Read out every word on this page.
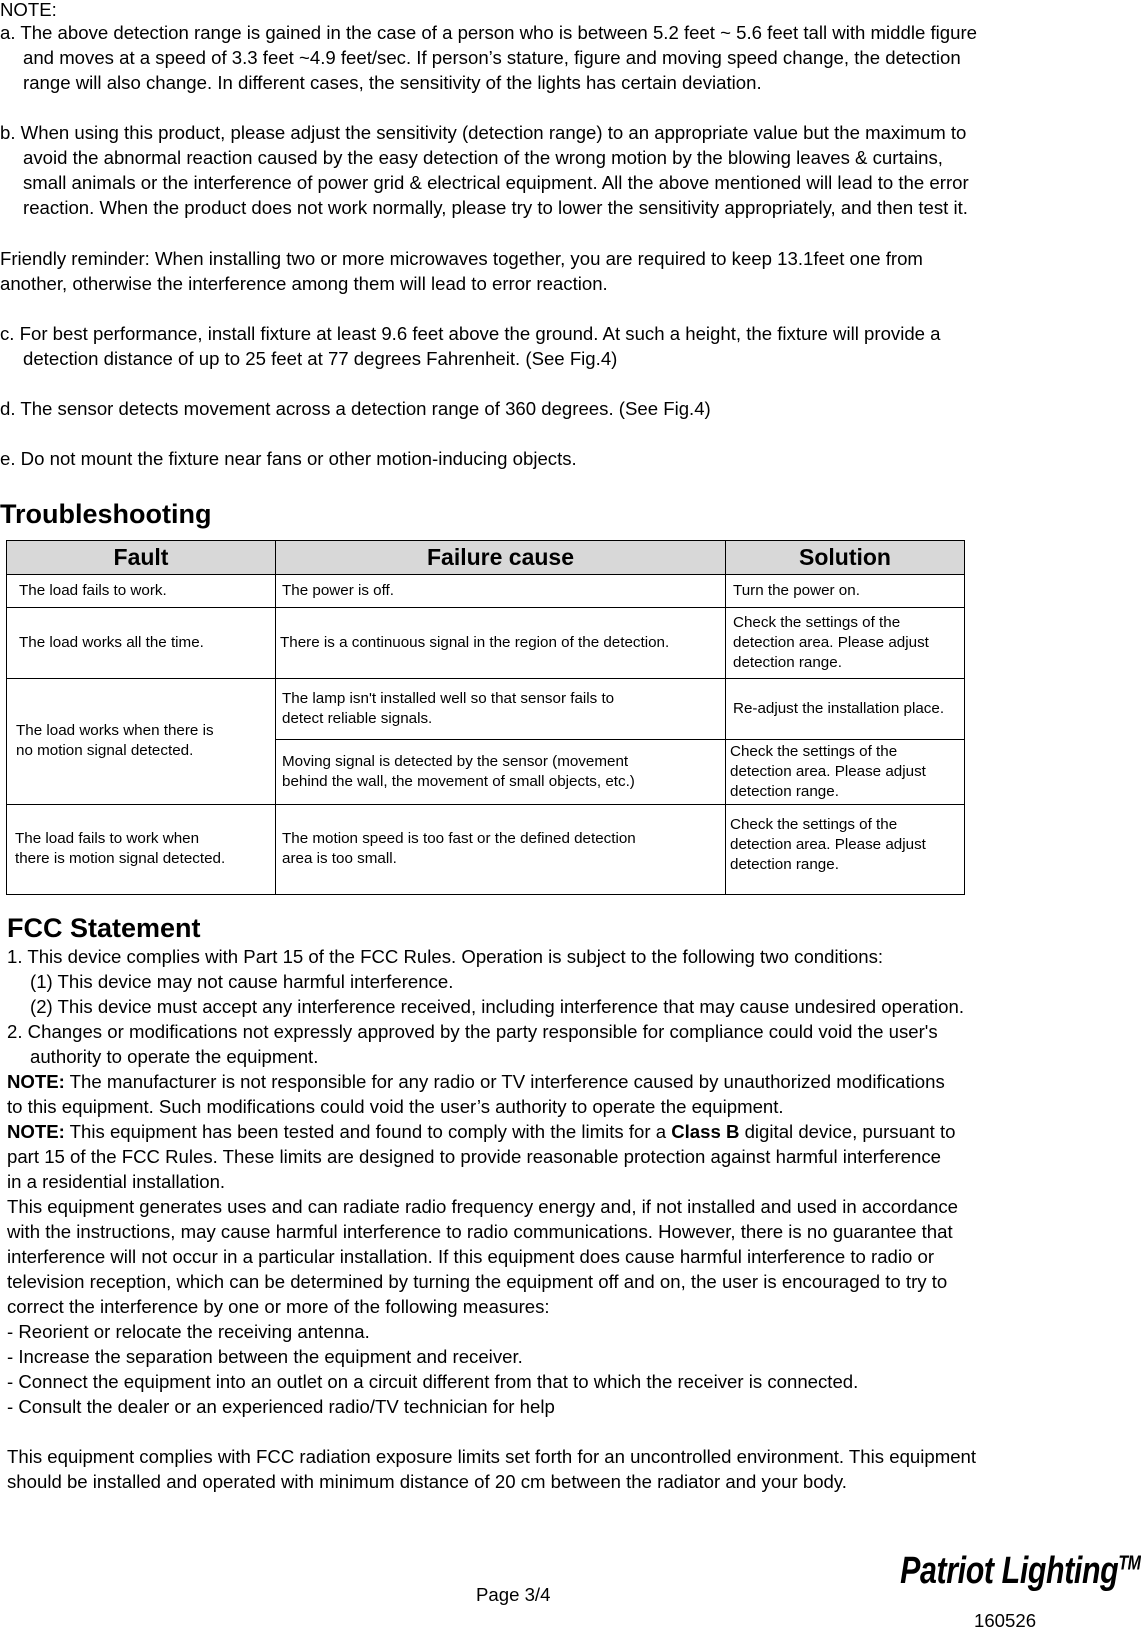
NOTE:
a. The above detection range is gained in the case of a person who is between 5.2 feet ~ 5.6 feet tall with middle figure
and moves at a speed of 3.3 feet ~4.9 feet/sec. If person’s stature, figure and moving speed change, the detection
range will also change. In different cases, the sensitivity of the lights has certain deviation.
b. When using this product, please adjust the sensitivity (detection range) to an appropriate value but the maximum to
avoid the abnormal reaction caused by the easy detection of the wrong motion by the blowing leaves & curtains,
small animals or the interference of power grid & electrical equipment. All the above mentioned will lead to the error
reaction. When the product does not work normally, please try to lower the sensitivity appropriately, and then test it.
Friendly reminder: When installing two or more microwaves together, you are required to keep 13.1feet one from
another, otherwise the interference among them will lead to error reaction.
c. For best performance, install fixture at least 9.6 feet above the ground. At such a height, the fixture will provide a
detection distance of up to 25 feet at 77 degrees Fahrenheit. (See Fig.4)
d. The sensor detects movement across a detection range of 360 degrees. (See Fig.4)
e. Do not mount the fixture near fans or other motion-inducing objects.
Troubleshooting
Fault	Failure cause	Solution
The load fails to work.	The power is off.	Turn the power on.
The load works all the time.	There is a continuous signal in the region of the detection.	Check the settings of the
detection area. Please adjust
detection range.
The load works when there is
no motion signal detected.	The lamp isn't installed well so that sensor fails to
detect reliable signals.	Re-adjust the installation place.
	Moving signal is detected by the sensor (movement
behind the wall, the movement of small objects, etc.)	Check the settings of the
detection area. Please adjust
detection range.
The load fails to work when
there is motion signal detected.	The motion speed is too fast or the defined detection
area is too small.	Check the settings of the
detection area. Please adjust
detection range.
FCC Statement
1. This device complies with Part 15 of the FCC Rules. Operation is subject to the following two conditions:
(1) This device may not cause harmful interference.
(2) This device must accept any interference received, including interference that may cause undesired operation.
2. Changes or modifications not expressly approved by the party responsible for compliance could void the user's
authority to operate the equipment.
NOTE: The manufacturer is not responsible for any radio or TV interference caused by unauthorized modifications
to this equipment. Such modifications could void the user’s authority to operate the equipment.
NOTE: This equipment has been tested and found to comply with the limits for a Class B digital device, pursuant to
part 15 of the FCC Rules. These limits are designed to provide reasonable protection against harmful interference
in a residential installation.
This equipment generates uses and can radiate radio frequency energy and, if not installed and used in accordance
with the instructions, may cause harmful interference to radio communications. However, there is no guarantee that
interference will not occur in a particular installation. If this equipment does cause harmful interference to radio or
television reception, which can be determined by turning the equipment off and on, the user is encouraged to try to
correct the interference by one or more of the following measures:
- Reorient or relocate the receiving antenna.
- Increase the separation between the equipment and receiver.
- Connect the equipment into an outlet on a circuit different from that to which the receiver is connected.
- Consult the dealer or an experienced radio/TV technician for help
This equipment complies with FCC radiation exposure limits set forth for an uncontrolled environment. This equipment
should be installed and operated with minimum distance of 20 cm between the radiator and your body.
Page 3/4
Patriot Lighting™
160526
